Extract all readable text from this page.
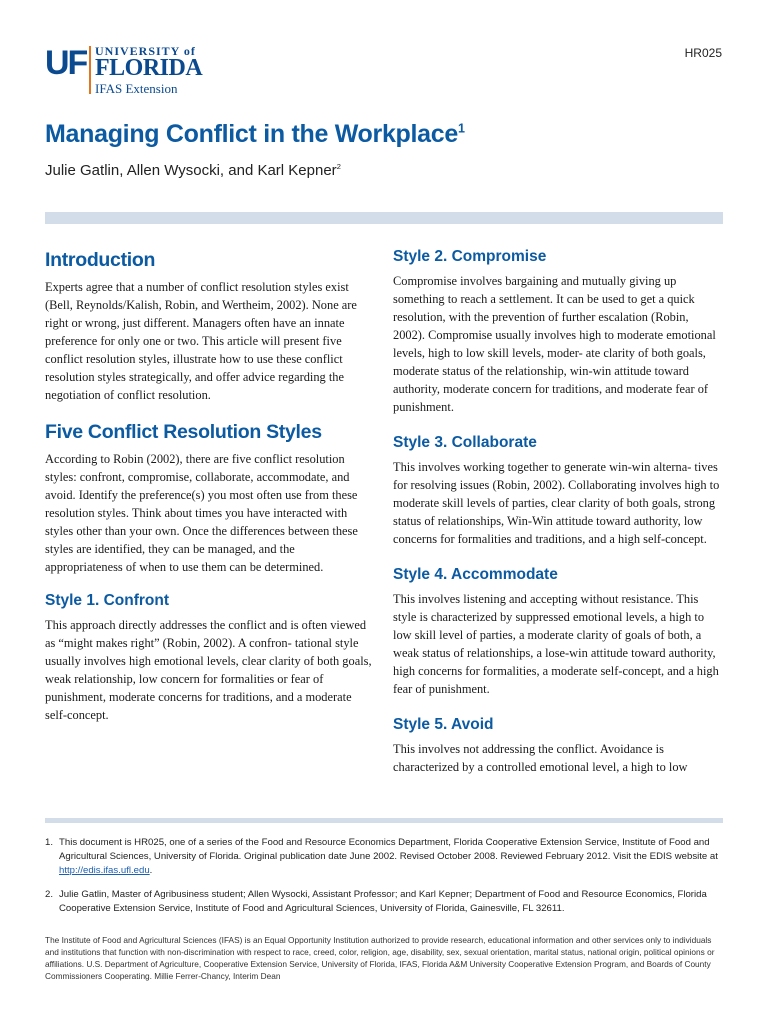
UF UNIVERSITY of
FLORIDA
IFAS Extension
HR025
Managing Conflict in the Workplace$^1$
Julie Gatlin, Allen Wysocki, and Karl Kepner$^2$
Introduction

Experts agree that a number of conflict resolution styles exist (Bell, Reynolds/Kalish, Robin, and Wertheim, 2002). None are right or wrong, just different. Managers often have an innate preference for only one or two. This article will present five conflict resolution styles, illustrate how to use these conflict resolution styles strategically, and offer advice regarding the negotiation of conflict resolution.

Five Conflict Resolution Styles

According to Robin (2002), there are five conflict resolution styles: confront, compromise, collaborate, accommodate, and avoid. Identify the preference(s) you most often use from these resolution styles. Think about times you have interacted with styles other than your own. Once the differences between these styles are identified, they can be managed, and the appropriateness of when to use them can be determined.

Style 1. Confront

This approach directly addresses the conflict and is often viewed as “might makes right” (Robin, 2002). A confron- tational style usually involves high emotional levels, clear clarity of both goals, weak relationship, low concern for formalities or fear of punishment, moderate concerns for traditions, and a moderate self-concept.

Style 2. Compromise

Compromise involves bargaining and mutually giving up something to reach a settlement. It can be used to get a quick resolution, with the prevention of further escalation (Robin, 2002). Compromise usually involves high to moderate emotional levels, high to low skill levels, moder- ate clarity of both goals, moderate status of the relationship, win-win attitude toward authority, moderate concern for traditions, and moderate fear of punishment.

Style 3. Collaborate

This involves working together to generate win-win alterna- tives for resolving issues (Robin, 2002). Collaborating involves high to moderate skill levels of parties, clear clarity of both goals, strong status of relationships, Win-Win attitude toward authority, low concerns for formalities and traditions, and a high self-concept.

Style 4. Accommodate

This involves listening and accepting without resistance. This style is characterized by suppressed emotional levels, a high to low skill level of parties, a moderate clarity of goals of both, a weak status of relationships, a lose-win attitude toward authority, high concerns for formalities, a moderate self-concept, and a high fear of punishment.

Style 5. Avoid

This involves not addressing the conflict. Avoidance is characterized by a controlled emotional level, a high to low

1. This document is HR025, one of a series of the Food and Resource Economics Department, Florida Cooperative Extension Service, Institute of Food and Agricultural Sciences, University of Florida. Original publication date June 2002. Revised October 2008. Reviewed February 2012. Visit the EDIS website at http://edis.ifas.ufl.edu.
2. Julie Gatlin, Master of Agribusiness student; Allen Wysocki, Assistant Professor; and Karl Kepner; Department of Food and Resource Economics, Florida Cooperative Extension Service, Institute of Food and Agricultural Sciences, University of Florida, Gainesville, FL 32611.
The Institute of Food and Agricultural Sciences (IFAS) is an Equal Opportunity Institution authorized to provide research, educational information and other services only to individuals and institutions that function with non-discrimination with respect to race, creed, color, religion, age, disability, sex, sexual orientation, marital status, national origin, political opinions or affiliations. U.S. Department of Agriculture, Cooperative Extension Service, University of Florida, IFAS, Florida A&M University Cooperative Extension Program, and Boards of County Commissioners Cooperating. Millie Ferrer-Chancy, Interim Dean
